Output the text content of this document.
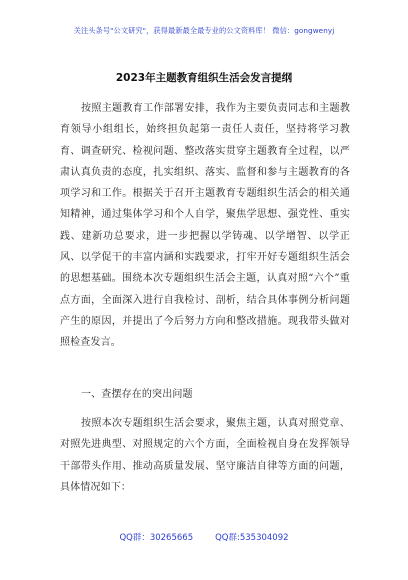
关注头条号"公文研究"，获得最新最全最专业的公文资料库！ 微信：gongwenyj
2023年主题教育组织生活会发言提纲
按照主题教育工作部署安排，我作为主要负责同志和主题教育领导小组组长，始终担负起第一责任人责任，坚持将学习教育、调查研究、检视问题、整改落实贯穿主题教育全过程，以严肃认真负责的态度，扎实组织、落实、监督和参与主题教育的各项学习和工作。根据关于召开主题教育专题组织生活会的相关通知精神，通过集体学习和个人自学，聚焦学思想、强党性、重实践、建新功总要求，进一步把握以学铸魂、以学增智、以学正风、以学促干的丰富内涵和实践要求，打牢开好专题组织生活会的思想基础。围绕本次专题组织生活会主题，认真对照“六个”重点方面，全面深入进行自我检讨、剖析，结合具体事例分析问题产生的原因，并提出了今后努力方向和整改措施。现我带头做对照检查发言。
一、查摆存在的突出问题
按照本次专题组织生活会要求，聚焦主题，认真对照党章、对照先进典型、对照规定的六个方面，全面检视自身在发挥领导干部带头作用、推动高质量发展、坚守廉洁自律等方面的问题，具体情况如下：
QQ群：30265665	QQ群:535304092
